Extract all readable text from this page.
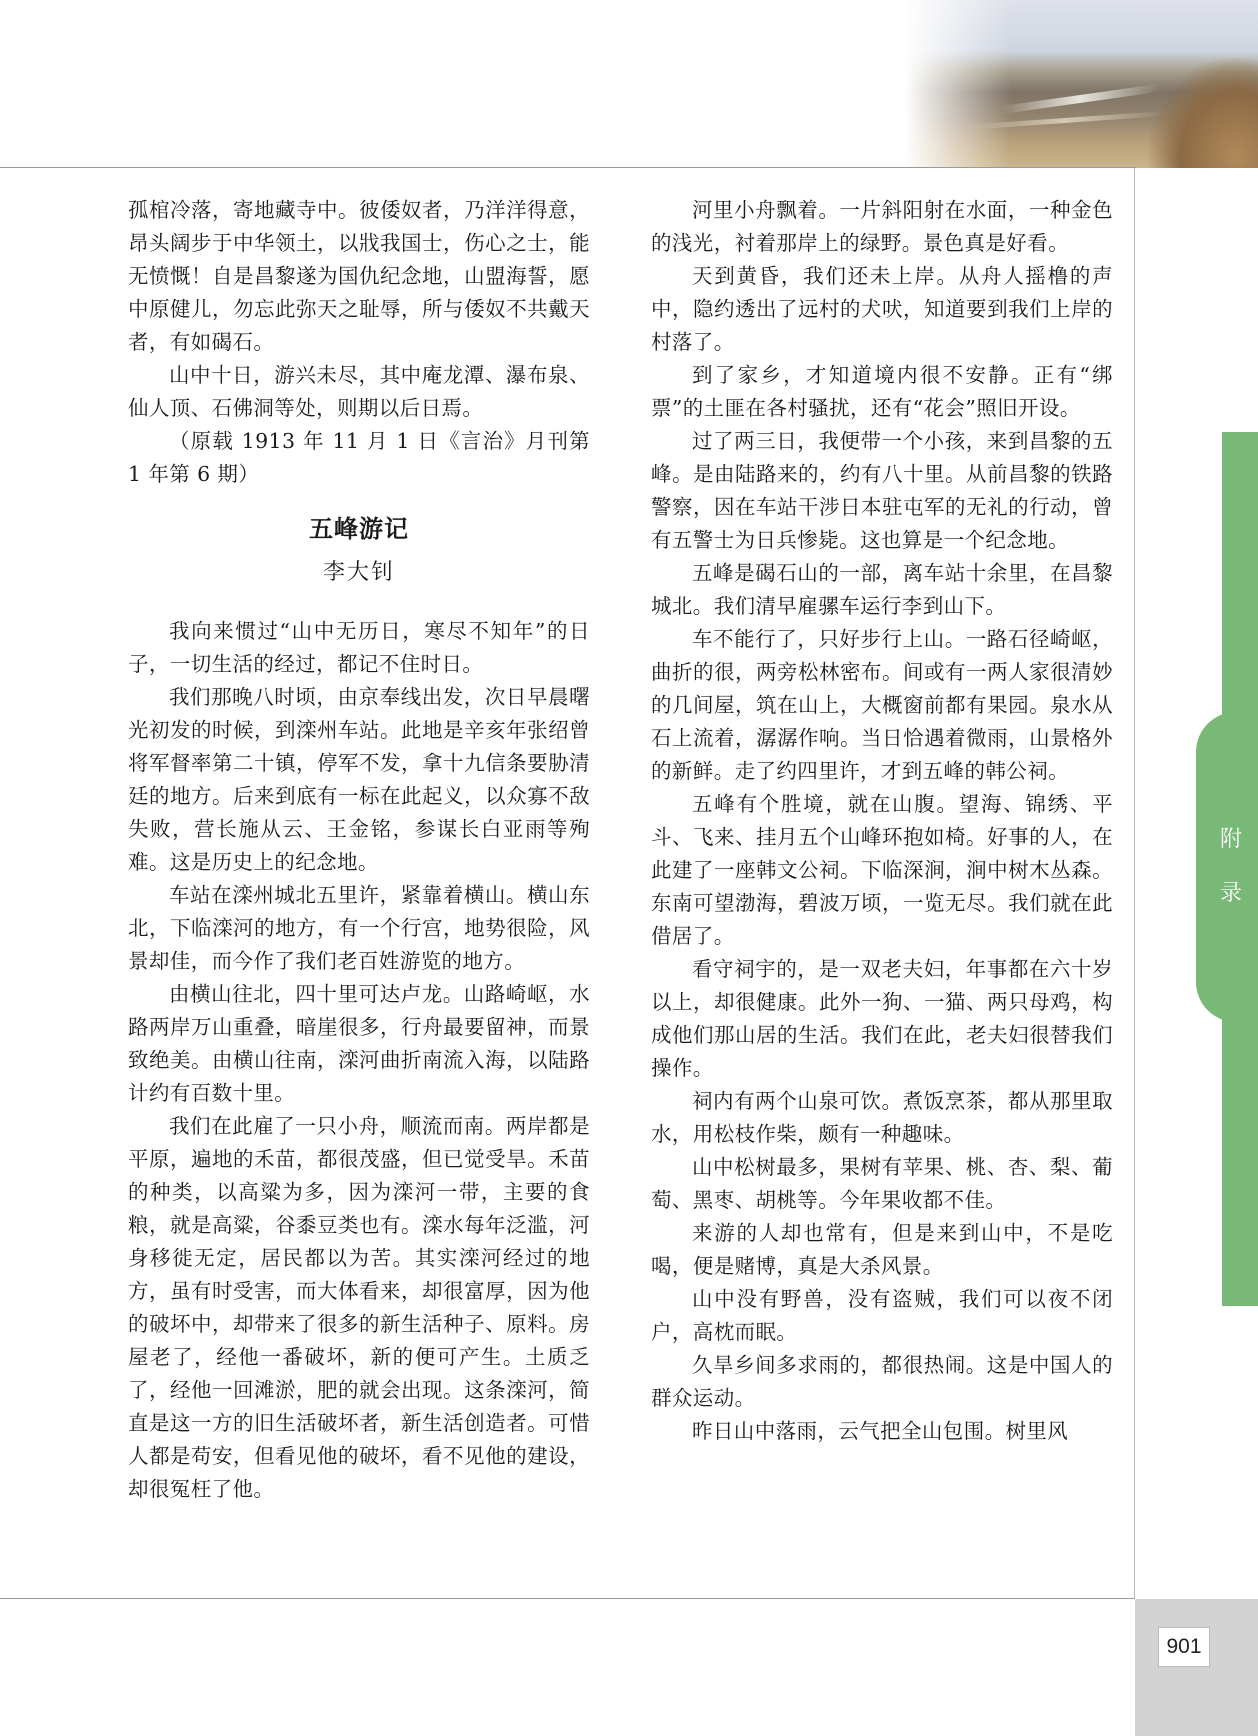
附
录
901

孤棺冷落，寄地藏寺中。彼倭奴者，乃洋洋得意，昂头阔步于中华领土，以戕我国士，伤心之士，能无愤慨！自是昌黎遂为国仇纪念地，山盟海誓，愿中原健儿，勿忘此弥天之耻辱，所与倭奴不共戴天者，有如碣石。

山中十日，游兴未尽，其中庵龙潭、瀑布泉、仙人顶、石佛洞等处，则期以后日焉。

（原载 1913 年 11 月 1 日《言治》月刊第 1 年第 6 期）

五峰游记
李大钊

我向来惯过“山中无历日，寒尽不知年”的日子，一切生活的经过，都记不住时日。

我们那晚八时顷，由京奉线出发，次日早晨曙光初发的时候，到滦州车站。此地是辛亥年张绍曾将军督率第二十镇，停军不发，拿十九信条要胁清廷的地方。后来到底有一标在此起义，以众寡不敌失败，营长施从云、王金铭，参谋长白亚雨等殉难。这是历史上的纪念地。

车站在滦州城北五里许，紧靠着横山。横山东北，下临滦河的地方，有一个行宫，地势很险，风景却佳，而今作了我们老百姓游览的地方。

由横山往北，四十里可达卢龙。山路崎岖，水路两岸万山重叠，暗崖很多，行舟最要留神，而景致绝美。由横山往南，滦河曲折南流入海，以陆路计约有百数十里。

我们在此雇了一只小舟，顺流而南。两岸都是平原，遍地的禾苗，都很茂盛，但已觉受旱。禾苗的种类，以高粱为多，因为滦河一带，主要的食粮，就是高粱，谷黍豆类也有。滦水每年泛滥，河身移徙无定，居民都以为苦。其实滦河经过的地方，虽有时受害，而大体看来，却很富厚，因为他的破坏中，却带来了很多的新生活种子、原料。房屋老了，经他一番破坏，新的便可产生。土质乏了，经他一回滩淤，肥的就会出现。这条滦河，简直是这一方的旧生活破坏者，新生活创造者。可惜人都是苟安，但看见他的破坏，看不见他的建设，却很冤枉了他。

河里小舟飘着。一片斜阳射在水面，一种金色的浅光，衬着那岸上的绿野。景色真是好看。

天到黄昏，我们还未上岸。从舟人摇橹的声中，隐约透出了远村的犬吠，知道要到我们上岸的村落了。

到了家乡，才知道境内很不安静。正有“绑票”的土匪在各村骚扰，还有“花会”照旧开设。

过了两三日，我便带一个小孩，来到昌黎的五峰。是由陆路来的，约有八十里。从前昌黎的铁路警察，因在车站干涉日本驻屯军的无礼的行动，曾有五警士为日兵惨毙。这也算是一个纪念地。

五峰是碣石山的一部，离车站十余里，在昌黎城北。我们清早雇骡车运行李到山下。

车不能行了，只好步行上山。一路石径崎岖，曲折的很，两旁松林密布。间或有一两人家很清妙的几间屋，筑在山上，大概窗前都有果园。泉水从石上流着，潺潺作响。当日恰遇着微雨，山景格外的新鲜。走了约四里许，才到五峰的韩公祠。

五峰有个胜境，就在山腹。望海、锦绣、平斗、飞来、挂月五个山峰环抱如椅。好事的人，在此建了一座韩文公祠。下临深涧，涧中树木丛森。东南可望渤海，碧波万顷，一览无尽。我们就在此借居了。

看守祠宇的，是一双老夫妇，年事都在六十岁以上，却很健康。此外一狗、一猫、两只母鸡，构成他们那山居的生活。我们在此，老夫妇很替我们操作。

祠内有两个山泉可饮。煮饭烹茶，都从那里取水，用松枝作柴，颇有一种趣味。

山中松树最多，果树有苹果、桃、杏、梨、葡萄、黑枣、胡桃等。今年果收都不佳。

来游的人却也常有，但是来到山中，不是吃喝，便是赌博，真是大杀风景。

山中没有野兽，没有盗贼，我们可以夜不闭户，高枕而眠。

久旱乡间多求雨的，都很热闹。这是中国人的群众运动。

昨日山中落雨，云气把全山包围。树里风
